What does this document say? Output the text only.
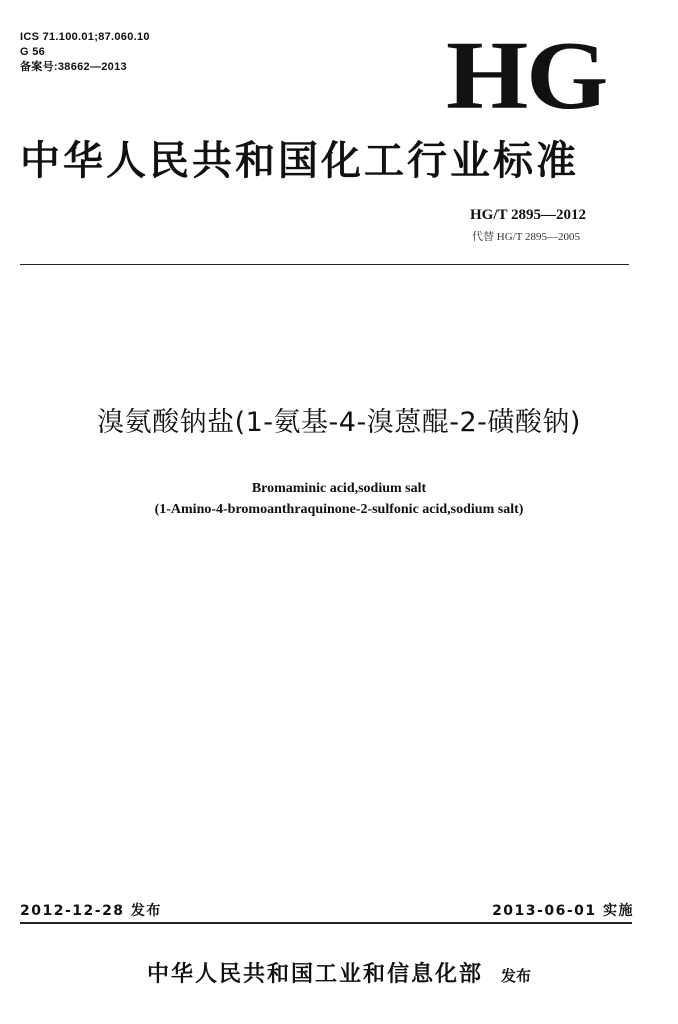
ICS 71.100.01;87.060.10
G 56
备案号:38662—2013	HG
中华人民共和国化工行业标准
HG/T 2895—2012
代替 HG/T 2895—2005
溴氨酸钠盐(1-氨基-4-溴蒽醌-2-磺酸钠)
Bromaminic acid,sodium salt
(1-Amino-4-bromoanthraquinone-2-sulfonic acid,sodium salt)
2012-12-28 发布	2013-06-01 实施
中华人民共和国工业和信息化部 发布
